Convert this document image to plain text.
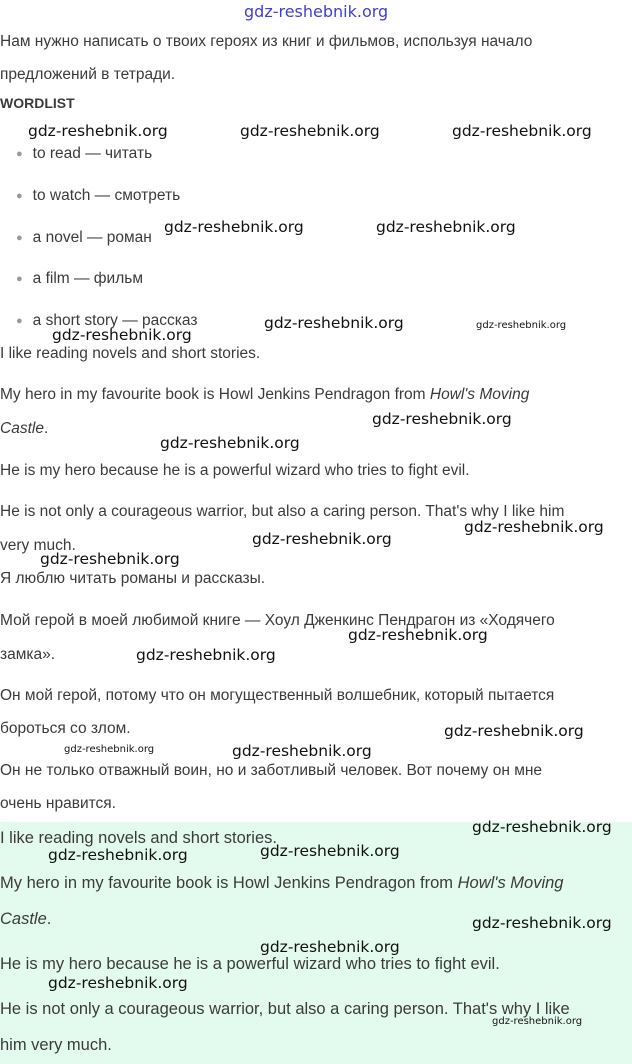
gdz-reshebnik.org

Нам нужно написать о твоих героях из книг и фильмов, используя начало

предложений в тетради.

WORDLIST
● to read — читать
● to watch — смотреть
● a novel — роман
● a film — фильм
● a short story — рассказ

I like reading novels and short stories.

My hero in my favourite book is Howl Jenkins Pendragon from Howl's Moving

Castle.

He is my hero because he is a powerful wizard who tries to fight evil.

He is not only a courageous warrior, but also a caring person. That's why I like him

very much.

Я люблю читать романы и рассказы.

Мой герой в моей любимой книге — Хоул Дженкинс Пендрагон из «Ходячего

замка».

Он мой герой, потому что он могущественный волшебник, который пытается

бороться со злом.

Он не только отважный воин, но и заботливый человек. Вот почему он мне

очень нравится.

I like reading novels and short stories.

My hero in my favourite book is Howl Jenkins Pendragon from Howl's Moving

Castle.

He is my hero because he is a powerful wizard who tries to fight evil.

He is not only a courageous warrior, but also a caring person. That's why I like

him very much.

gdz-reshebnik.org	gdz-reshebnik.org	gdz-reshebnik.org
gdz-reshebnik.org	gdz-reshebnik.org
gdz-reshebnik.org	gdz-reshebnik.org
gdz-reshebnik.org
gdz-reshebnik.org
gdz-reshebnik.org
gdz-reshebnik.org
gdz-reshebnik.org
gdz-reshebnik.org
gdz-reshebnik.org
gdz-reshebnik.org
gdz-reshebnik.org
gdz-reshebnik.org	gdz-reshebnik.org
gdz-reshebnik.org
gdz-reshebnik.org
gdz-reshebnik.org
gdz-reshebnik.org
gdz-reshebnik.org
gdz-reshebnik.org
gdz-reshebnik.org
